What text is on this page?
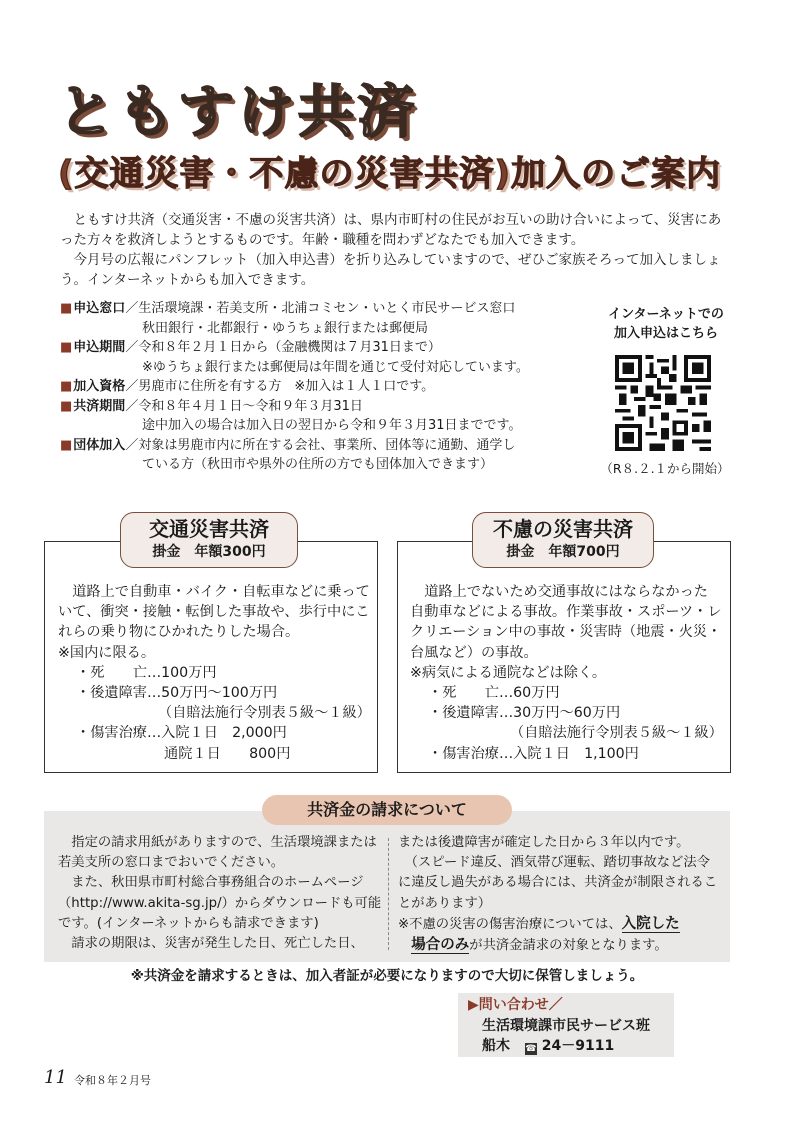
ともすけ共済
(交通災害・不慮の災害共済)加入のご案内

ともすけ共済（交通災害・不慮の災害共済）は、県内市町村の住民がお互いの助け合いによって、災害にあった方々を救済しようとするものです。年齢・職種を問わずどなたでも加入できます。

今月号の広報にパンフレット（加入申込書）を折り込みしていますので、ぜひご家族そろって加入しましょう。インターネットからも加入できます。

■ 申込窓口 ／生活環境課・若美支所・北浦コミセン・いとく市民サービス窓口
秋田銀行・北都銀行・ゆうちょ銀行または郵便局
■ 申込期間 ／令和８年２月１日から（金融機関は７月31日まで）
※ゆうちょ銀行または郵便局は年間を通じて受付対応しています。
■ 加入資格 ／男鹿市に住所を有する方　※加入は１人１口です。
■ 共済期間 ／令和８年４月１日～令和９年３月31日
途中加入の場合は加入日の翌日から令和９年３月31日までです。
■ 団体加入 ／対象は男鹿市内に所在する会社、事業所、団体等に通勤、通学し
ている方（秋田市や県外の住所の方でも団体加入できます）
インターネットでの
加入申込はこちら
（R８.２.１から開始）
交通災害共済
掛金　年額300円

道路上で自動車・バイク・自転車などに乗っていて、衝突・接触・転倒した事故や、歩行中にこれらの乗り物にひかれたりした場合。

※国内に限る。

・死　　亡…100万円

・後遺障害…50万円～100万円

（自賠法施行令別表５級～１級）

・傷害治療…入院１日　2,000円

通院１日　　800円

不慮の災害共済
掛金　年額700円

道路上でないため交通事故にはならなかった自動車などによる事故。作業事故・スポーツ・レクリエーション中の事故・災害時（地震・火災・台風など）の事故。

※病気による通院などは除く。

・死　　亡…60万円

・後遺障害…30万円～60万円

（自賠法施行令別表５級～１級）

・傷害治療…入院１日　1,100円

共済金の請求について

指定の請求用紙がありますので、生活環境課または若美支所の窓口までおいでください。

また、秋田県市町村総合事務組合のホームページ（http://www.akita-sg.jp/）からダウンロードも可能です。(インターネットからも請求できます)

請求の期限は、災害が発生した日、死亡した日、

または後遺障害が確定した日から３年以内です。

（スピード違反、酒気帯び運転、踏切事故など法令に違反し過失がある場合には、共済金が制限されることがあります）

※不慮の災害の傷害治療については、入院した

場合のみが共済金請求の対象となります。

※共済金を請求するときは、加入者証が必要になりますので大切に保管しましょう。
▶問い合わせ／
生活環境課市民サービス班
船木 ☎ 24－9111
11 令和８年２月号
